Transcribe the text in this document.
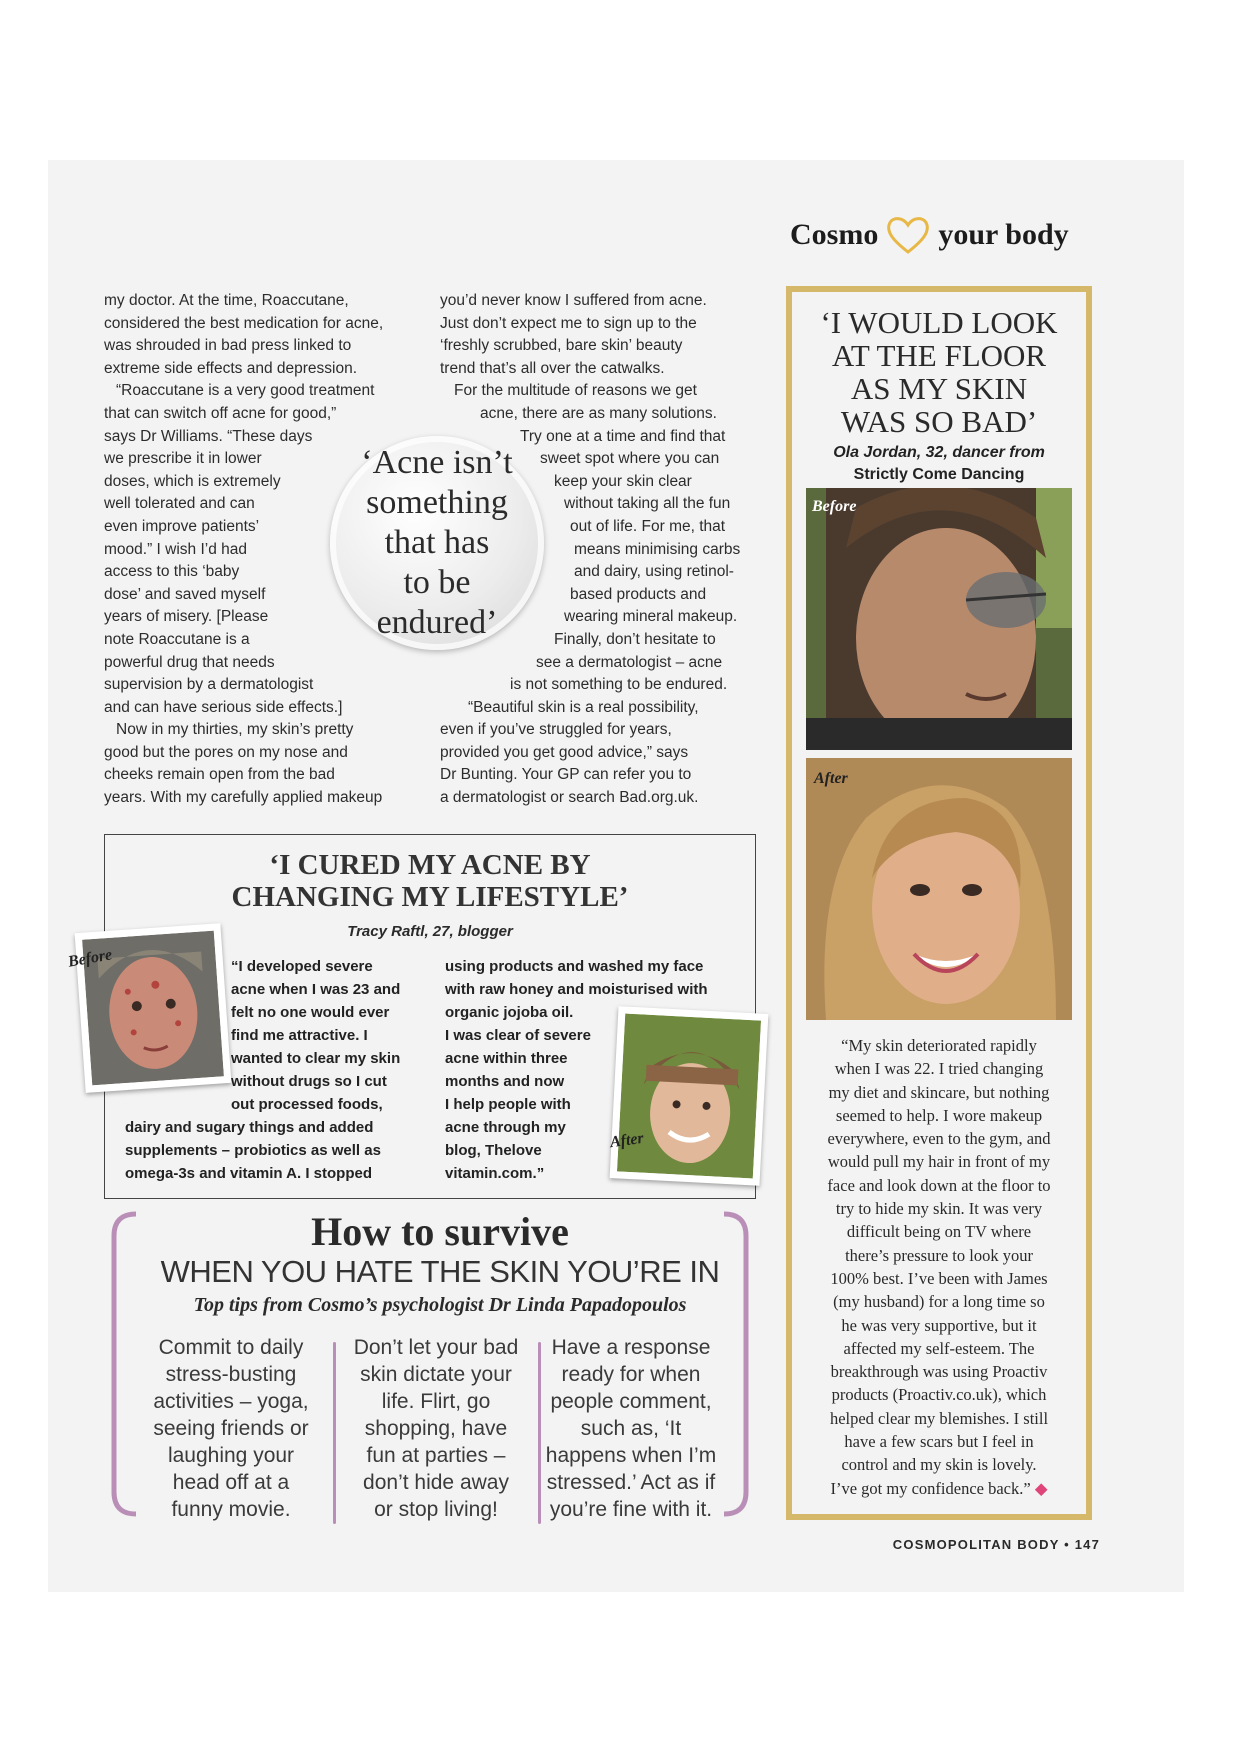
Cosmo your body

my doctor. At the time, Roaccutane,

considered the best medication for acne,

was shrouded in bad press linked to

extreme side effects and depression.

“Roaccutane is a very good treatment

that can switch off acne for good,”

says Dr Williams. “These days

we prescribe it in lower

doses, which is extremely

well tolerated and can

even improve patients’

mood.” I wish I’d had

access to this ‘baby

dose’ and saved myself

years of misery. [Please

note Roaccutane is a

powerful drug that needs

supervision by a dermatologist

and can have serious side effects.]

Now in my thirties, my skin’s pretty

good but the pores on my nose and

cheeks remain open from the bad

years. With my carefully applied makeup

you’d never know I suffered from acne.

Just don’t expect me to sign up to the

‘freshly scrubbed, bare skin’ beauty

trend that’s all over the catwalks.

For the multitude of reasons we get

acne, there are as many solutions.

Try one at a time and find that

sweet spot where you can

keep your skin clear

without taking all the fun

out of life. For me, that

means minimising carbs

and dairy, using retinol-

based products and

wearing mineral makeup.

Finally, don’t hesitate to

see a dermatologist – acne

is not something to be endured.

“Beautiful skin is a real possibility,

even if you’ve struggled for years,

provided you get good advice,” says

Dr Bunting. Your GP can refer you to

a dermatologist or search Bad.org.uk.

‘Acne isn’t
something
that has
to be
endured’
‘I CURED MY ACNE BY
CHANGING MY LIFESTYLE’
Tracy Raftl, 27, blogger
“I developed severe
acne when I was 23 and
felt no one would ever
find me attractive. I
wanted to clear my skin
without drugs so I cut
out processed foods,
dairy and sugary things and added
supplements – probiotics as well as
omega-3s and vitamin A. I stopped
using products and washed my face
with raw honey and moisturised with
organic jojoba oil.
I was clear of severe
acne within three
months and now
I help people with
acne through my
blog, Thelove
vitamin.com.”
Before
After
How to survive
WHEN YOU HATE THE SKIN YOU’RE IN
Top tips from Cosmo’s psychologist Dr Linda Papadopoulos
Commit to daily
stress-busting
activities – yoga,
seeing friends or
laughing your
head off at a
funny movie.
Don’t let your bad
skin dictate your
life. Flirt, go
shopping, have
fun at parties –
don’t hide away
or stop living!
Have a response
ready for when
people comment,
such as, ‘It
happens when I’m
stressed.’ Act as if
you’re fine with it.
‘I WOULD LOOK
AT THE FLOOR
AS MY SKIN
WAS SO BAD’
Ola Jordan, 32, dancer from
Strictly Come Dancing
Before
After
“My skin deteriorated rapidly
when I was 22. I tried changing
my diet and skincare, but nothing
seemed to help. I wore makeup
everywhere, even to the gym, and
would pull my hair in front of my
face and look down at the floor to
try to hide my skin. It was very
difficult being on TV where
there’s pressure to look your
100% best. I’ve been with James
(my husband) for a long time so
he was very supportive, but it
affected my self-esteem. The
breakthrough was using Proactiv
products (Proactiv.co.uk), which
helped clear my blemishes. I still
have a few scars but I feel in
control and my skin is lovely.
I’ve got my confidence back.” ◆
COSMOPOLITAN BODY • 147
